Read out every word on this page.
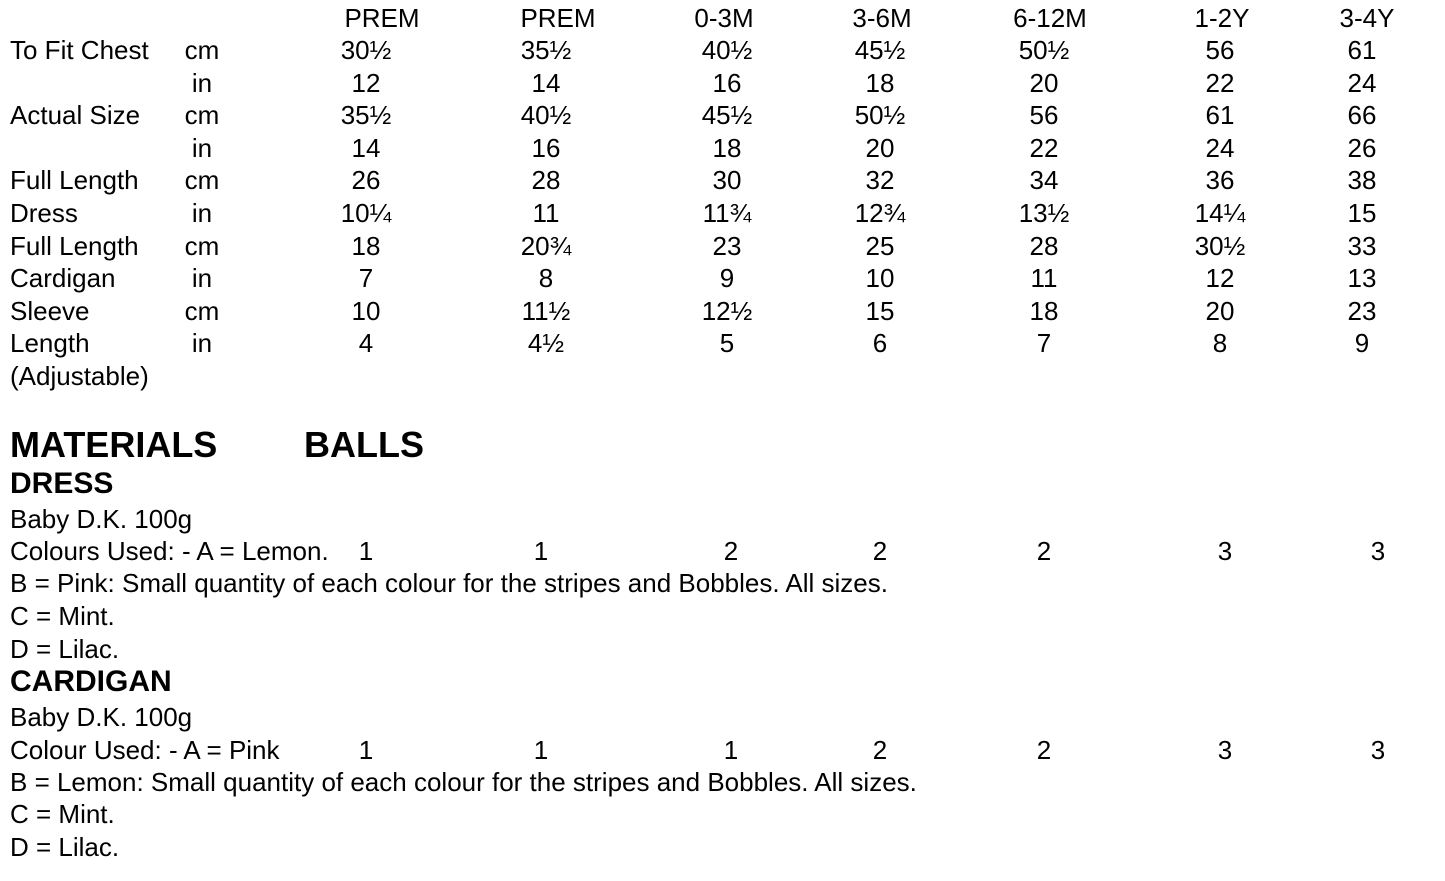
PREM	PREM	0-3M	3-6M	6-12M	1-2Y	3-4Y
To Fit Chest cm	30½	35½	40½	45½	50½	56	61
in	12	14	16	18	20	22	24
Actual Size cm	35½	40½	45½	50½	56	61	66
in	14	16	18	20	22	24	26
Full Length cm	26	28	30	32	34	36	38
Dress	in	10¼	11	11¾	12¾	13½	14¼	15
Full Length cm	18	20¾	23	25	28	30½	33
Cardigan	in	7	8	9	10	11	12	13
Sleeve	cm	10	11½	12½	15	18	20	23
Length	in	4	4½	5	6	7	8	9
(Adjustable)
MATERIALS BALLS
DRESS
Baby D.K. 100g
Colours Used: - A = Lemon. 1	1	2	2	2	3	3
B = Pink: Small quantity of each colour for the stripes and Bobbles. All sizes.
C = Mint.
D = Lilac.
CARDIGAN
Baby D.K. 100g
Colour Used: - A = Pink	1	1	1	2	2	3	3
B = Lemon: Small quantity of each colour for the stripes and Bobbles. All sizes.
C = Mint.
D = Lilac.
